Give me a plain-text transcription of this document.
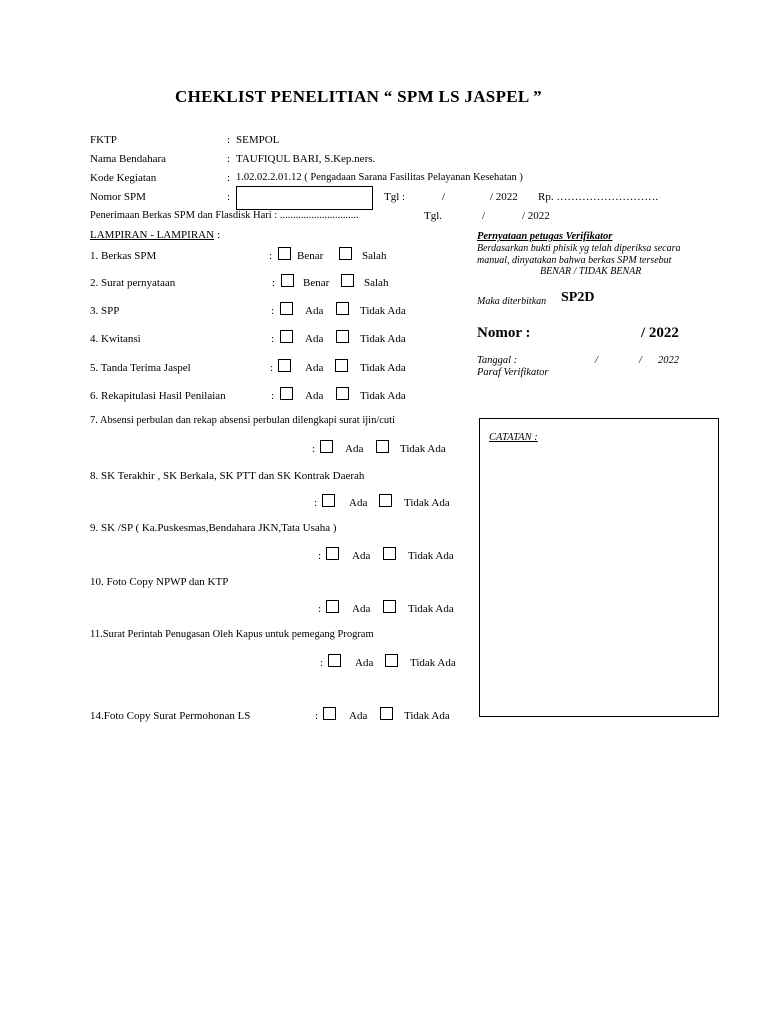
CHEKLIST PENELITIAN “ SPM LS JASPEL ”
FKTP	: SEMPOL
Nama Bendahara	: TAUFIQUL BARI, S.Kep.ners.
Kode Kegiatan	: 1.02.02.2.01.12 ( Pengadaan Sarana Fasilitas Pelayanan Kesehatan )
Nomor SPM	:	Tgl :	/	/ 2022 Rp. ……………………….
Penerimaan Berkas SPM dan Flasdisk Hari : ..............................	Tgl.	/	/ 2022
LAMPIRAN - LAMPIRAN :
1. Berkas SPM	: Benar	Salah
2. Surat pernyataan	:	Benar	Salah
3. SPP	:	Ada	Tidak Ada
4. Kwitansi	:	Ada	Tidak Ada
5. Tanda Terima Jaspel	:	Ada	Tidak Ada
6. Rekapitulasi Hasil Penilaian	:	Ada	Tidak Ada
7. Absensi perbulan dan rekap absensi perbulan dilengkapi surat ijin/cuti
:	Ada	Tidak Ada
8. SK Terakhir , SK Berkala, SK PTT dan SK Kontrak Daerah
:	Ada	Tidak Ada
9. SK /SP ( Ka.Puskesmas,Bendahara JKN,Tata Usaha )
:	Ada	Tidak Ada
10. Foto Copy NPWP dan KTP
:	Ada	Tidak Ada
11.Surat Perintah Penugasan Oleh Kapus untuk pemegang Program
:	Ada	Tidak Ada
14.Foto Copy Surat Permohonan LS	:	Ada	Tidak Ada
Pernyataan petugas Verifikator
Berdasarkan bukti phisik yg telah diperiksa secara
manual, dinyatakan bahwa berkas SPM tersebut
BENAR / TIDAK BENAR
Maka diterbitkan SP2D
Nomor :	/ 2022
Tanggal :	/	/ 2022
Paraf Verifikator
CATATAN :
